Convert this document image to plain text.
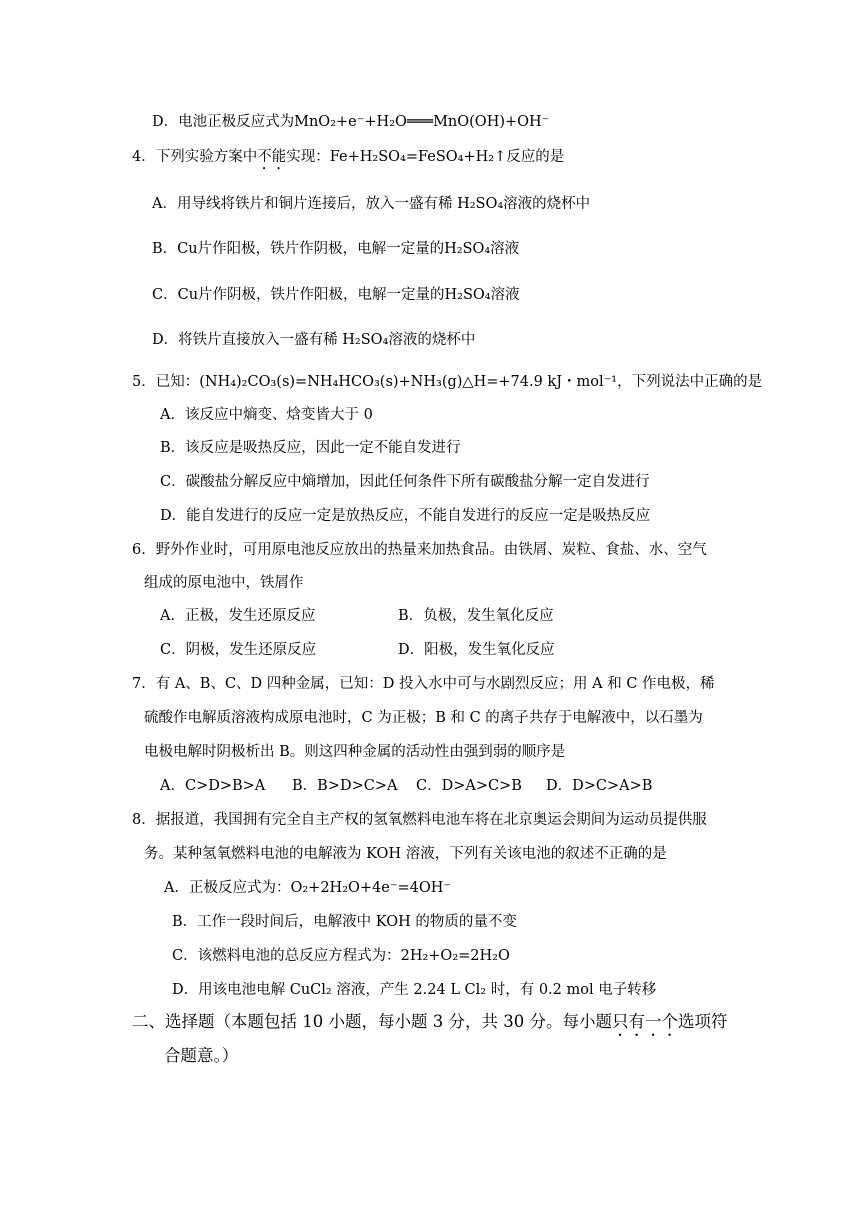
D．电池正极反应式为MnO₂+e⁻+H₂O═══MnO(OH)+OH⁻
4．下列实验方案中不能实现：Fe+H₂SO₄=FeSO₄+H₂↑反应的是
A．用导线将铁片和铜片连接后，放入一盛有稀 H₂SO₄溶液的烧杯中
B．Cu片作阳极，铁片作阴极，电解一定量的H₂SO₄溶液
C．Cu片作阴极，铁片作阳极，电解一定量的H₂SO₄溶液
D．将铁片直接放入一盛有稀 H₂SO₄溶液的烧杯中
5．已知：(NH₄)₂CO₃(s)=NH₄HCO₃(s)+NH₃(g)△H=+74.9 kJ・mol⁻¹，下列说法中正确的是
A．该反应中熵变、焓变皆大于 0
B．该反应是吸热反应，因此一定不能自发进行
C．碳酸盐分解反应中熵增加，因此任何条件下所有碳酸盐分解一定自发进行
D．能自发进行的反应一定是放热反应，不能自发进行的反应一定是吸热反应
6．野外作业时，可用原电池反应放出的热量来加热食品。由铁屑、炭粒、食盐、水、空气
组成的原电池中，铁屑作
A．正极，发生还原反应	B．负极，发生氧化反应
C．阴极，发生还原反应	D．阳极，发生氧化反应
7．有 A、B、C、D 四种金属，已知：D 投入水中可与水剧烈反应；用 A 和 C 作电极，稀
硫酸作电解质溶液构成原电池时，C 为正极；B 和 C 的离子共存于电解液中，以石墨为
电极电解时阴极析出 B。则这四种金属的活动性由强到弱的顺序是
A．C>D>B>A B．B>D>C>A C．D>A>C>B D．D>C>A>B
8．据报道，我国拥有完全自主产权的氢氧燃料电池车将在北京奥运会期间为运动员提供服
务。某种氢氧燃料电池的电解液为 KOH 溶液，下列有关该电池的叙述不正确的是
A．正极反应式为：O₂+2H₂O+4e⁻=4OH⁻
B．工作一段时间后，电解液中 KOH 的物质的量不变
C．该燃料电池的总反应方程式为：2H₂+O₂=2H₂O
D．用该电池电解 CuCl₂ 溶液，产生 2.24 L Cl₂ 时，有 0.2 mol 电子转移
二、选择题（本题包括 10 小题，每小题 3 分，共 30 分。每小题只有一个选项符
合题意。）
